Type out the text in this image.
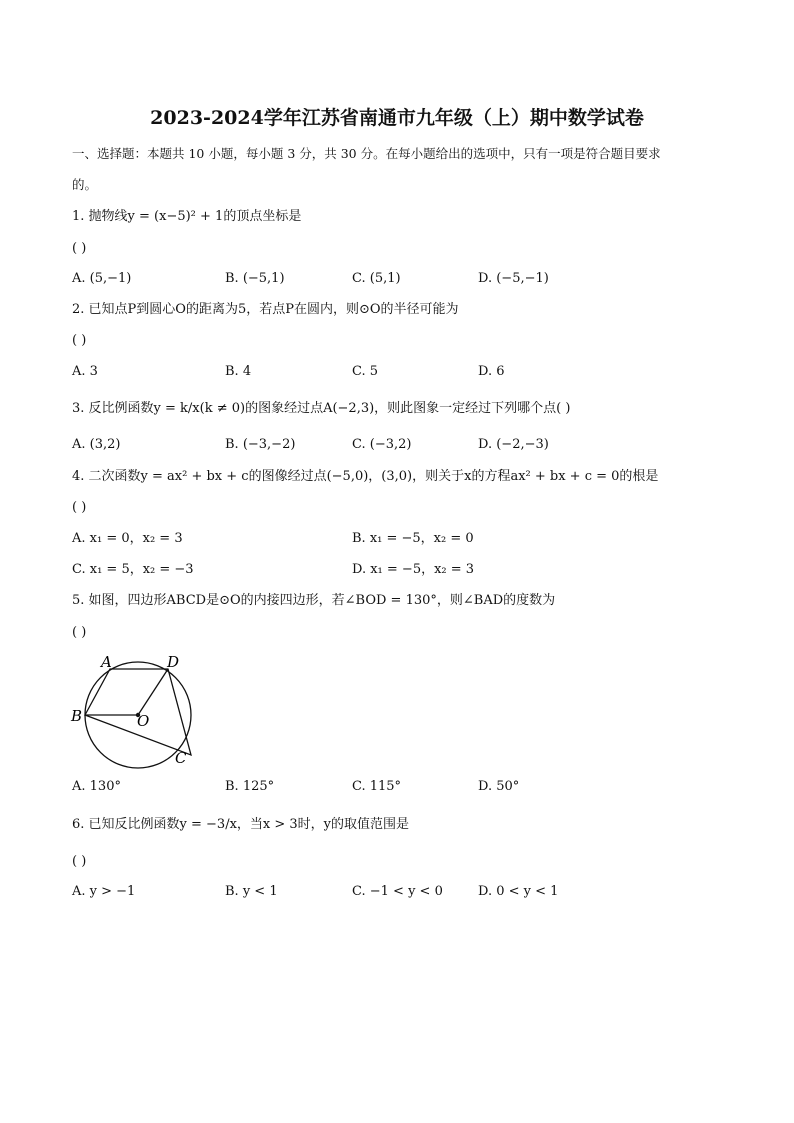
2023-2024学年江苏省南通市九年级（上）期中数学试卷
一、选择题：本题共 10 小题，每小题 3 分，共 30 分。在每小题给出的选项中，只有一项是符合题目要求
的。
1. 抛物线y = (x−5)² + 1的顶点坐标是
( )
A. (5,−1)	B. (−5,1)	C. (5,1)	D. (−5,−1)
2. 已知点P到圆心O的距离为5，若点P在圆内，则⊙O的半径可能为
( )
A. 3	B. 4	C. 5	D. 6
3. 反比例函数y = k/x(k ≠ 0)的图象经过点A(−2,3)，则此图象一定经过下列哪个点( )
A. (3,2)	B. (−3,−2)	C. (−3,2)	D. (−2,−3)
4. 二次函数y = ax² + bx + c的图像经过点(−5,0)，(3,0)，则关于x的方程ax² + bx + c = 0的根是
( )
A. x₁ = 0，x₂ = 3	B. x₁ = −5，x₂ = 0
C. x₁ = 5，x₂ = −3	D. x₁ = −5，x₂ = 3
5. 如图，四边形ABCD是⊙O的内接四边形，若∠BOD = 130°，则∠BAD的度数为
( )
A	D
B	O
C
A. 130°	B. 125°	C. 115°	D. 50°
6. 已知反比例函数y = −3/x，当x > 3时，y的取值范围是
( )
A. y > −1	B. y < 1	C. −1 < y < 0	D. 0 < y < 1
